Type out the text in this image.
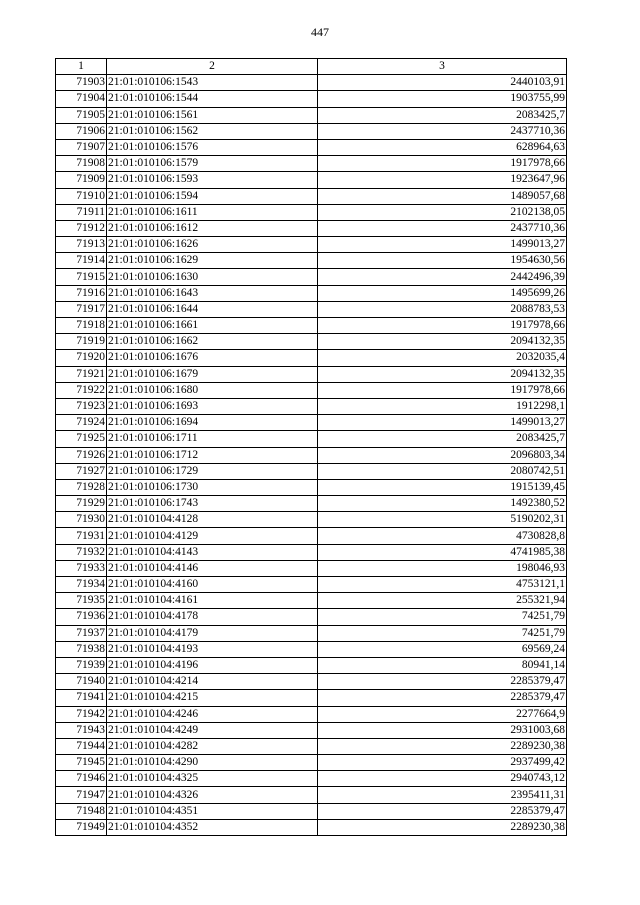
447
1	2	3
71903	21:01:010106:1543	2440103,91
71904	21:01:010106:1544	1903755,99
71905	21:01:010106:1561	2083425,7
71906	21:01:010106:1562	2437710,36
71907	21:01:010106:1576	628964,63
71908	21:01:010106:1579	1917978,66
71909	21:01:010106:1593	1923647,96
71910	21:01:010106:1594	1489057,68
71911	21:01:010106:1611	2102138,05
71912	21:01:010106:1612	2437710,36
71913	21:01:010106:1626	1499013,27
71914	21:01:010106:1629	1954630,56
71915	21:01:010106:1630	2442496,39
71916	21:01:010106:1643	1495699,26
71917	21:01:010106:1644	2088783,53
71918	21:01:010106:1661	1917978,66
71919	21:01:010106:1662	2094132,35
71920	21:01:010106:1676	2032035,4
71921	21:01:010106:1679	2094132,35
71922	21:01:010106:1680	1917978,66
71923	21:01:010106:1693	1912298,1
71924	21:01:010106:1694	1499013,27
71925	21:01:010106:1711	2083425,7
71926	21:01:010106:1712	2096803,34
71927	21:01:010106:1729	2080742,51
71928	21:01:010106:1730	1915139,45
71929	21:01:010106:1743	1492380,52
71930	21:01:010104:4128	5190202,31
71931	21:01:010104:4129	4730828,8
71932	21:01:010104:4143	4741985,38
71933	21:01:010104:4146	198046,93
71934	21:01:010104:4160	4753121,1
71935	21:01:010104:4161	255321,94
71936	21:01:010104:4178	74251,79
71937	21:01:010104:4179	74251,79
71938	21:01:010104:4193	69569,24
71939	21:01:010104:4196	80941,14
71940	21:01:010104:4214	2285379,47
71941	21:01:010104:4215	2285379,47
71942	21:01:010104:4246	2277664,9
71943	21:01:010104:4249	2931003,68
71944	21:01:010104:4282	2289230,38
71945	21:01:010104:4290	2937499,42
71946	21:01:010104:4325	2940743,12
71947	21:01:010104:4326	2395411,31
71948	21:01:010104:4351	2285379,47
71949	21:01:010104:4352	2289230,38
